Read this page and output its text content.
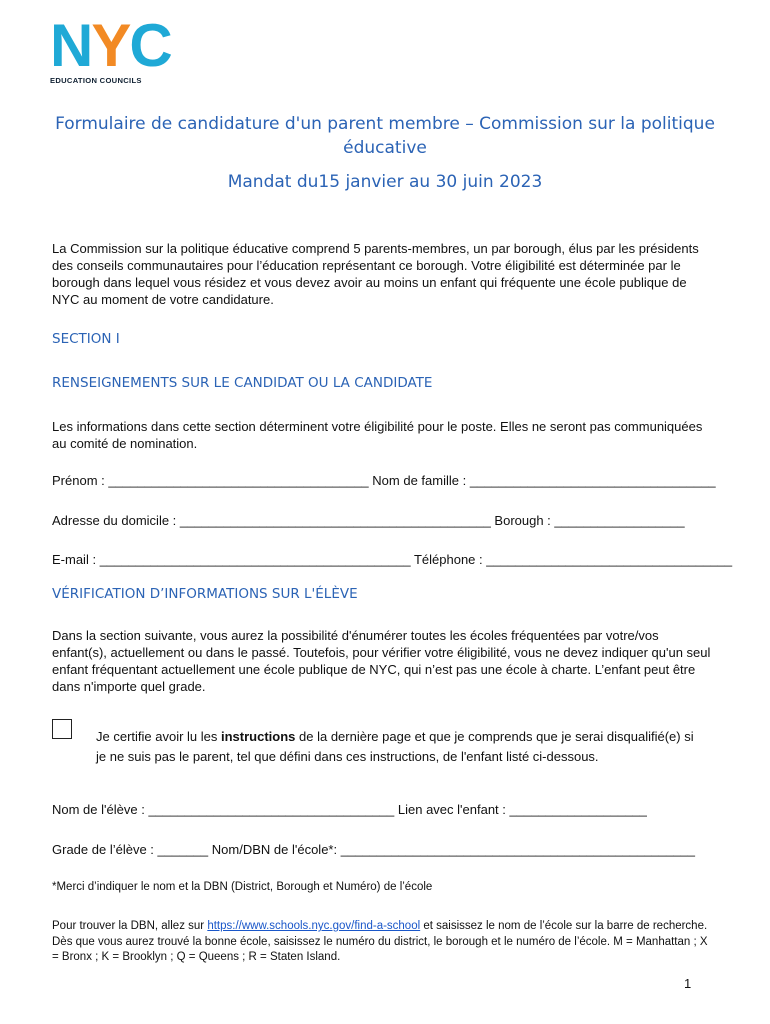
N Y C
EDUCATION COUNCILS
Formulaire de candidature d'un parent membre – Commission sur la politique éducative
Mandat du15 janvier au 30 juin 2023
La Commission sur la politique éducative comprend 5 parents-membres, un par borough, élus par les présidents des conseils communautaires pour l’éducation représentant ce borough. Votre éligibilité est déterminée par le borough dans lequel vous résidez et vous devez avoir au moins un enfant qui fréquente une école publique de NYC au moment de votre candidature.
SECTION I
RENSEIGNEMENTS SUR LE CANDIDAT OU LA CANDIDATE
Les informations dans cette section déterminent votre éligibilité pour le poste. Elles ne seront pas communiquées au comité de nomination.
Prénom : ____________________________________ Nom de famille : __________________________________
Adresse du domicile : ___________________________________________ Borough : __________________
E-mail : ___________________________________________ Téléphone : __________________________________
VÉRIFICATION D’INFORMATIONS SUR L'ÉLÈVE
Dans la section suivante, vous aurez la possibilité d'énumérer toutes les écoles fréquentées par votre/vos enfant(s), actuellement ou dans le passé. Toutefois, pour vérifier votre éligibilité, vous ne devez indiquer qu'un seul enfant fréquentant actuellement une école publique de NYC, qui n’est pas une école à charte. L’enfant peut être dans n'importe quel grade.
Je certifie avoir lu les instructions de la dernière page et que je comprends que je serai disqualifié(e) si je ne suis pas le parent, tel que défini dans ces instructions, de l'enfant listé ci-dessous.
Nom de l'élève : __________________________________ Lien avec l'enfant : ___________________
Grade de l’élève : _______ Nom/DBN de l'école*: _________________________________________________
*Merci d’indiquer le nom et la DBN (District, Borough et Numéro) de l’école
Pour trouver la DBN, allez sur https://www.schools.nyc.gov/find-a-school et saisissez le nom de l’école sur la barre de recherche. Dès que vous aurez trouvé la bonne école, saisissez le numéro du district, le borough et le numéro de l’école. M = Manhattan ; X = Bronx ; K = Brooklyn ; Q = Queens ; R = Staten Island.
1
